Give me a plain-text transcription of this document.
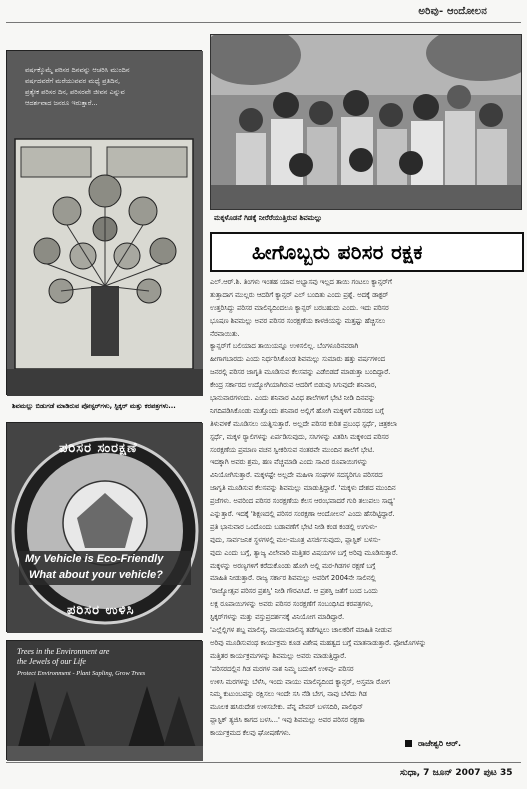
ಅರಿವು- ಆಂದೋಲನ
ವರ್ಷಕ್ಕೊಮ್ಮೆ ಪರಿಸರ ದಿನವನ್ನು ಆಚರಿಸಿ ಮುಂದಿನ
ವರ್ಷದವರೆಗೆ ಮರೆಯುವವರ ಮಧ್ಯೆ ಪ್ರತಿದಿನ,
ಪ್ರತ್ಯೇಕ ಪರಿಸರ ದಿನ, ಪರಿಸರವೇ ಜೀವನ ಎನ್ನುವ
ಆದರ್ಶವಾದ ಜನರೂ ಇರುತ್ತಾರೆ...
ಶಿವಮಲ್ಲು ಬಿಡುಗಡೆ ಮಾಡಿರುವ ಪೋಸ್ಟರ್‌ಗಳು, ಸ್ಟಿಕ್ಕರ್ ಮತ್ತು ಕರಪತ್ರಗಳು...
ಮಕ್ಕಳೊಡನೆ ಗಿಡಕ್ಕೆ ನೀರೆರೆಯುತ್ತಿರುವ ಶಿವಮಲ್ಲು
ಹೀಗೊಬ್ಬರು ಪರಿಸರ ರಕ್ಷಕ
ಎಲ್.ಆರ್.ಶಿ. ತಿಂಗಳು ಇಂತಹ ಯಾವ ಅಭ್ಯಾಸವು ಇಲ್ಲದ ತಾಯಿ ಗಂಟಲು ಕ್ಯಾನ್ಸರ್‌ಗೆ
ತುತ್ತಾದಾಗ ಮುಲ್ಲರು ಆದರಿಗೆ ಕ್ಯಾನ್ಸರ್ ಎಲ್ ಬಂದಿತು ಎಂದು ಪ್ರಶ್ನೆ. ಅದಕ್ಕೆ ಡಾಕ್ಟರ್
ಉತ್ತರಿಸಿದ್ದು ಪರಿಸರ ಮಾಲಿನ್ಯದಿಂದಲೂ ಕ್ಯಾನ್ಸರ್ ಬರಬಹುದು ಎಂದು. ಇದು ಪರಿಸರ
ಭೂಷಣ ಶಿವಮಲ್ಲು ಅವರ ಪರಿಸರ ಸಂರಕ್ಷಣೆಯ ಕಾಳಜಿಯನ್ನು ಮತ್ತಷ್ಟು ಹೆಚ್ಚಿಸಲು
ನೆರವಾಯಿತು.
ಕ್ಯಾನ್ಸರ್‌ಗೆ ಬಲಿಯಾದ ತಾಯಿಯನ್ನೂ ಉಳಿಸಲಿಲ್ಲ. ಬೆಂಗಳೂರಿನವರಾಗಿ
ಹೀಗಾಗಬಾರದು ಎಂದು ನಿರ್ಧರಿಸಿಕೊಂಡ ಶಿವಮಲ್ಲು ಸುಮಾರು ಹತ್ತು ವರ್ಷಗಳಿಂದ
ಜನರಲ್ಲಿ ಪರಿಸರ ಜಾಗೃತಿ ಮೂಡಿಸುವ ಕೆಲಸವನ್ನು ಎಡೆಬಿಡದೆ ಮಾಡುತ್ತಾ ಬಂದಿದ್ದಾರೆ.
ಕೇಂದ್ರ ಸರ್ಕಾರದ ಉದ್ಯೋಗಿಯಾಗಿರುವ ಆದರಿಗೆ ಬಿಡುವು ಸಿಗುವುದೇ ಶನಿವಾರ,
ಭಾನುವಾರಗಳಂದು. ಎಂದು ಶನಿವಾರ ವಿವಿಧ ಶಾಲೆಗಳಿಗೆ ಭೇಟಿ ನೀಡಿ ದಿನವನ್ನು
ನಿಗದಿಪಡಿಸಿಕೊಂಡು ಮತ್ತೊಂದು ಶನಿವಾರ ಅಲ್ಲಿಗೆ ಹೋಗಿ ಮಕ್ಕಳಿಗೆ ಪರಿಸರದ ಬಗ್ಗೆ
ತಿಳುವಳಿಕೆ ಮೂಡಿಸಲು ಯತ್ನಿಸುತ್ತಾರೆ. ಅಲ್ಲದೇ ಪರಿಸರ ಕುರಿತ ಪ್ರಬಂಧ ಸ್ಪರ್ಧೆ, ಚಿತ್ರಕಲಾ
ಸ್ಪರ್ಧೆ, ಮಕ್ಕಳ ರ‍್ಯಾಲಿಗಳನ್ನು ಏರ್ಪಡಿಸುವುದು, ಸಸಿಗಳನ್ನು ವಿತರಿಸಿ ಮಕ್ಕಳಿಂದ ಪರಿಸರ
ಸಂರಕ್ಷಣೆಯ ಪ್ರಮಾಣ ವಚನ ಸ್ವೀಕರಿಸುವ ನಂತರವೇ ಮುಂದಿನ ಶಾಲೆಗೆ ಭೇಟಿ.
ಇದಕ್ಕಾಗಿ ಅವರು ಶ್ರಮ, ಹಣ ವೆಚ್ಚಮಾಡಿ ಎಂದು ಸಾವಿರ ರೂಪಾಯಿಗಳನ್ನು
ವಿನಿಯೋಗಿಸುತ್ತಾರೆ. ಮಕ್ಕಳಷ್ಟೇ ಅಲ್ಲದೇ ಮಹಿಳಾ ಸಂಘಗಳ ಸದಸ್ಯರಿಗೂ ಪರಿಸರದ
ಜಾಗೃತಿ ಮೂಡಿಸುವ ಕೆಲಸವನ್ನು ಶಿವಮಲ್ಲು ಮಾಡುತ್ತಿದ್ದಾರೆ. 'ಮಕ್ಕಳು ದೇಶದ ಮುಂದಿನ
ಪ್ರಜೆಗಳು. ಅವರಿಂದ ಪರಿಸರ ಸಂರಕ್ಷಣೆಯ ಕೆಲಸ ಆರಂಭವಾದರೆ ಗುರಿ ತಲುಪಲು ಸಾಧ್ಯ'
ಎನ್ನುತ್ತಾರೆ. ಇದಕ್ಕೆ 'ಶಿಕ್ಷಣದಲ್ಲಿ ಪರಿಸರ ಸಂರಕ್ಷಣಾ ಆಂದೋಲನ' ಎಂದು ಹೆಸರಿಟ್ಟಿದ್ದಾರೆ.
ಪ್ರತಿ ಭಾನುವಾರ ಒಂದೊಂದು ಬಡಾವಣೆಗೆ ಭೇಟಿ ನೀಡಿ ಕಂಡ ಕಂಡಲ್ಲಿ ಉಗುಳು-
ವುದು, ಸಾರ್ವಜನಿಕ ಸ್ಥಳಗಳಲ್ಲಿ ಮಲ-ಮೂತ್ರ ವಿಸರ್ಜಿಸುವುದು, ಪ್ಲಾಸ್ಟಿಕ್ ಬಳಸು-
ವುದು ಎಂದು ಬಗ್ಗೆ, ತ್ಯಾಜ್ಯ ವಿಲೇವಾರಿ ಮತ್ತಿತರ ವಿಷಯಗಳ ಬಗ್ಗೆ ಅರಿವು ಮೂಡಿಸುತ್ತಾರೆ.
ಮಕ್ಕಳನ್ನು ಅರಣ್ಯಗಳಿಗೆ ಕರೆದುಕೊಂಡು ಹೋಗಿ ಅಲ್ಲಿ ಮರ-ಗಿಡಗಳ ರಕ್ಷಣೆ ಬಗ್ಗೆ
ಮಾಹಿತಿ ನೀಡುತ್ತಾರೆ. ರಾಜ್ಯ ಸರ್ಕಾರ ಶಿವಮಲ್ಲು ಅವರಿಗೆ 2004ನೇ ಸಾಲಿನಲ್ಲಿ
'ರಾಜ್ಯೋತ್ಸವ ಪರಿಸರ ಪ್ರಶಸ್ತಿ' ನೀಡಿ ಗೌರವಿಸಿದೆ. ಆ ಪ್ರಶಸ್ತಿ ಜತೆಗೆ ಬಂದ ಒಂದು
ಲಕ್ಷ ರೂಪಾಯಿಗಳನ್ನು ಅವರು ಪರಿಸರ ಸಂರಕ್ಷಣೆಗೆ ಸಂಬಂಧಿಸಿದ ಕರಪತ್ರಗಳು,
ಸ್ಟಿಕ್ಕರ್‌ಗಳನ್ನು ಮತ್ತು ವಸ್ತುಪ್ರದರ್ಶನಕ್ಕೆ ವಿನಿಯೋಗ ಮಾಡಿದ್ದಾರೆ.
'ಎಲ್ಲೆಲ್ಲಿಗಳ ಶಬ್ದ ಮಾಲಿನ್ಯ, ವಾಯುಮಾಲಿನ್ಯ ತಡೆಗಟ್ಟಲು ಚಾಲಕರಿಗೆ ಮಾಹಿತಿ ನೀಡುವ
ಅರಿವು ಮೂಡಿಸುವಂಥ ಕಾರ್ಯಕ್ರಮ ಕೂಡ ವಿಶೇಷ ಮಹತ್ವದ ಬಗ್ಗೆ ಮಾತನಾಡುತ್ತಾರೆ. ಫೋಟೊಗಳನ್ನು
ಮತ್ತಿತರ ಕಾರ್ಯಕ್ರಮಗಳನ್ನು ಶಿವಮಲ್ಲು ಅವರು ಮಾಡುತ್ತಿದ್ದಾರೆ.
'ಪರಿಸರದಲ್ಲಿನ ಗಿಡ ಮರಗಳ ನಾಶ ನಿಮ್ಮ ಬದುಕಿಗೆ ಉಳಿವು- ಪರಿಸರ
ಉಳಿಸಿ ಮರಗಳನ್ನು ಬೆಳೆಸಿ, ಇಂದು ವಾಯು ಮಾಲಿನ್ಯದಿಂದ ಕ್ಯಾನ್ಸರ್, ಅಸ್ತಮಾ ರೋಗ
ನಿಮ್ಮ ಕುಟುಂಬವನ್ನು ರಕ್ಷಿಸಲು ಇಂದೇ ಸಸಿ ನೆಡಿ ಬೇಗ, ನಾವು ಬೆಳೆದು ಗಿಡ
ಮೂಲಕ ಹಸಿರುದೇಶ ಉಳಿಸಬೇಕು. ಪೆನ್ನ ಪೇಪರ್ ಬಳಸದಿರಿ, ಪಾಲಿಥಿನ್
ಪ್ಲಾಸ್ಟಿಕ್ ತ್ಯಜಿಸಿ ಕಾಗದ ಬಳಸಿ...' ಇವು ಶಿವಮಲ್ಲು ಅವರ ಪರಿಸರ ರಕ್ಷಣಾ
ಕಾರ್ಯಕ್ರಮದ ಕೆಲವು ಘೋಷಣೆಗಳು.
ಪರಿಸರ ಸಂರಕ್ಷಣೆ
My Vehicle is Eco-Friendly
What about your vehicle?
ಪರಿಸರ ಉಳಿಸಿ
Trees in the Environment are
the Jewels of our Life
Protect Environment - Plant Sapling, Grow Trees
ರಾಜೇಶ್ವರಿ ಆರ್.
ಸುಧಾ, 7 ಜೂನ್ 2007 ಪುಟ 35
